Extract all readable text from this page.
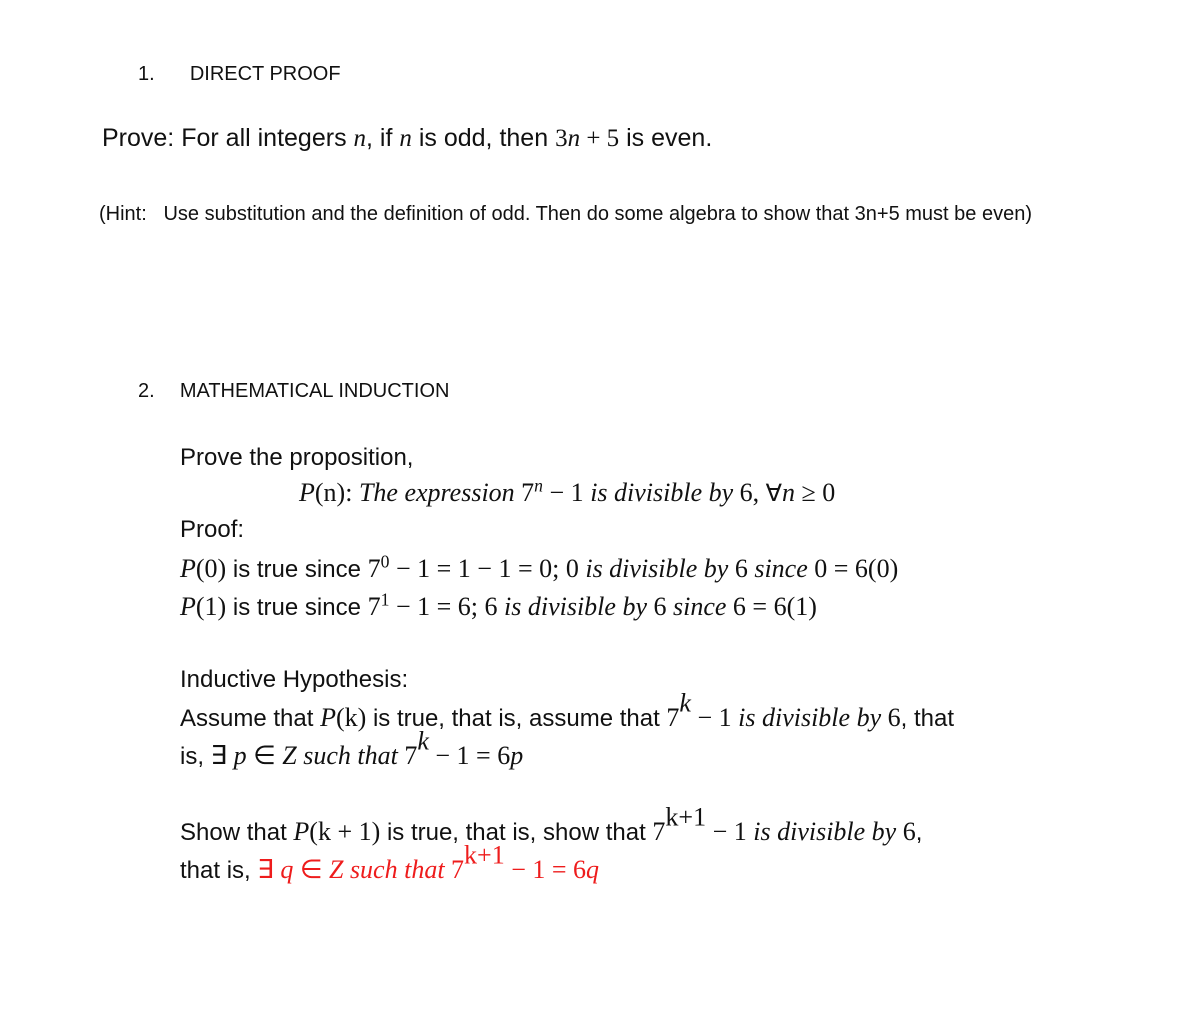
1. DIRECT PROOF
Prove: For all integers n, if n is odd, then 3n + 5 is even.
(Hint: Use substitution and the definition of odd. Then do some algebra to show that 3n+5 must be even)
2. MATHEMATICAL INDUCTION
Prove the proposition,
P(n): The expression $7^n - 1$ is divisible by 6, ∀n ≥ 0
Proof:
P(0) is true since $7^0 - 1 = 1 - 1 = 0$; 0 is divisible by 6 since 0 = 6(0)
P(1) is true since $7^1 - 1 = 6$; 6 is divisible by 6 since 6 = 6(1)
Inductive Hypothesis:
Assume that P(k) is true, that is, assume that 7k − 1 is divisible by 6, that
is, ∃ p ∈ Z such that 7k − 1 = 6p
Show that P(k + 1) is true, that is, show that 7k+1 − 1 is divisible by 6,
that is, ∃ q ∈ Z such that 7k+1 − 1 = 6q
